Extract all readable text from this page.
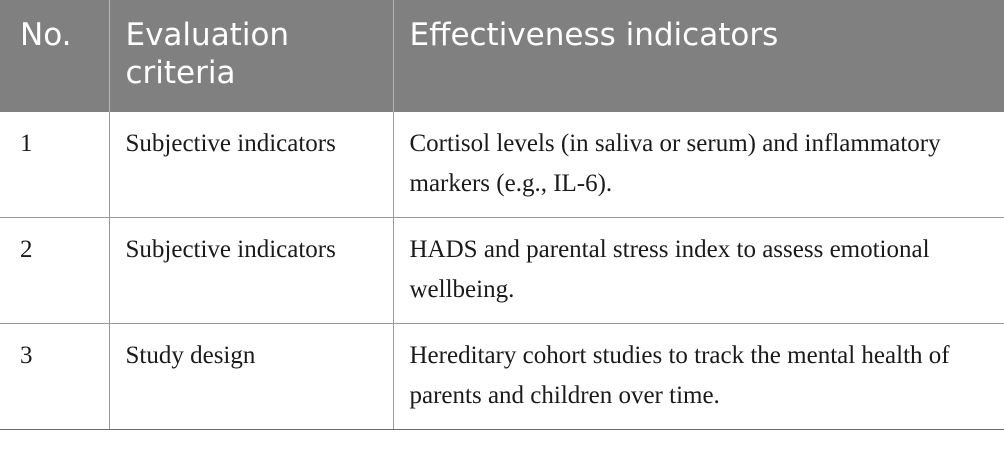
No.	Evaluation criteria	Effectiveness indicators
1	Subjective indicators	Cortisol levels (in saliva or serum) and inflammatory markers (e.g., IL-6).
2	Subjective indicators	HADS and parental stress index to assess emotional wellbeing.
3	Study design	Hereditary cohort studies to track the mental health of parents and children over time.
